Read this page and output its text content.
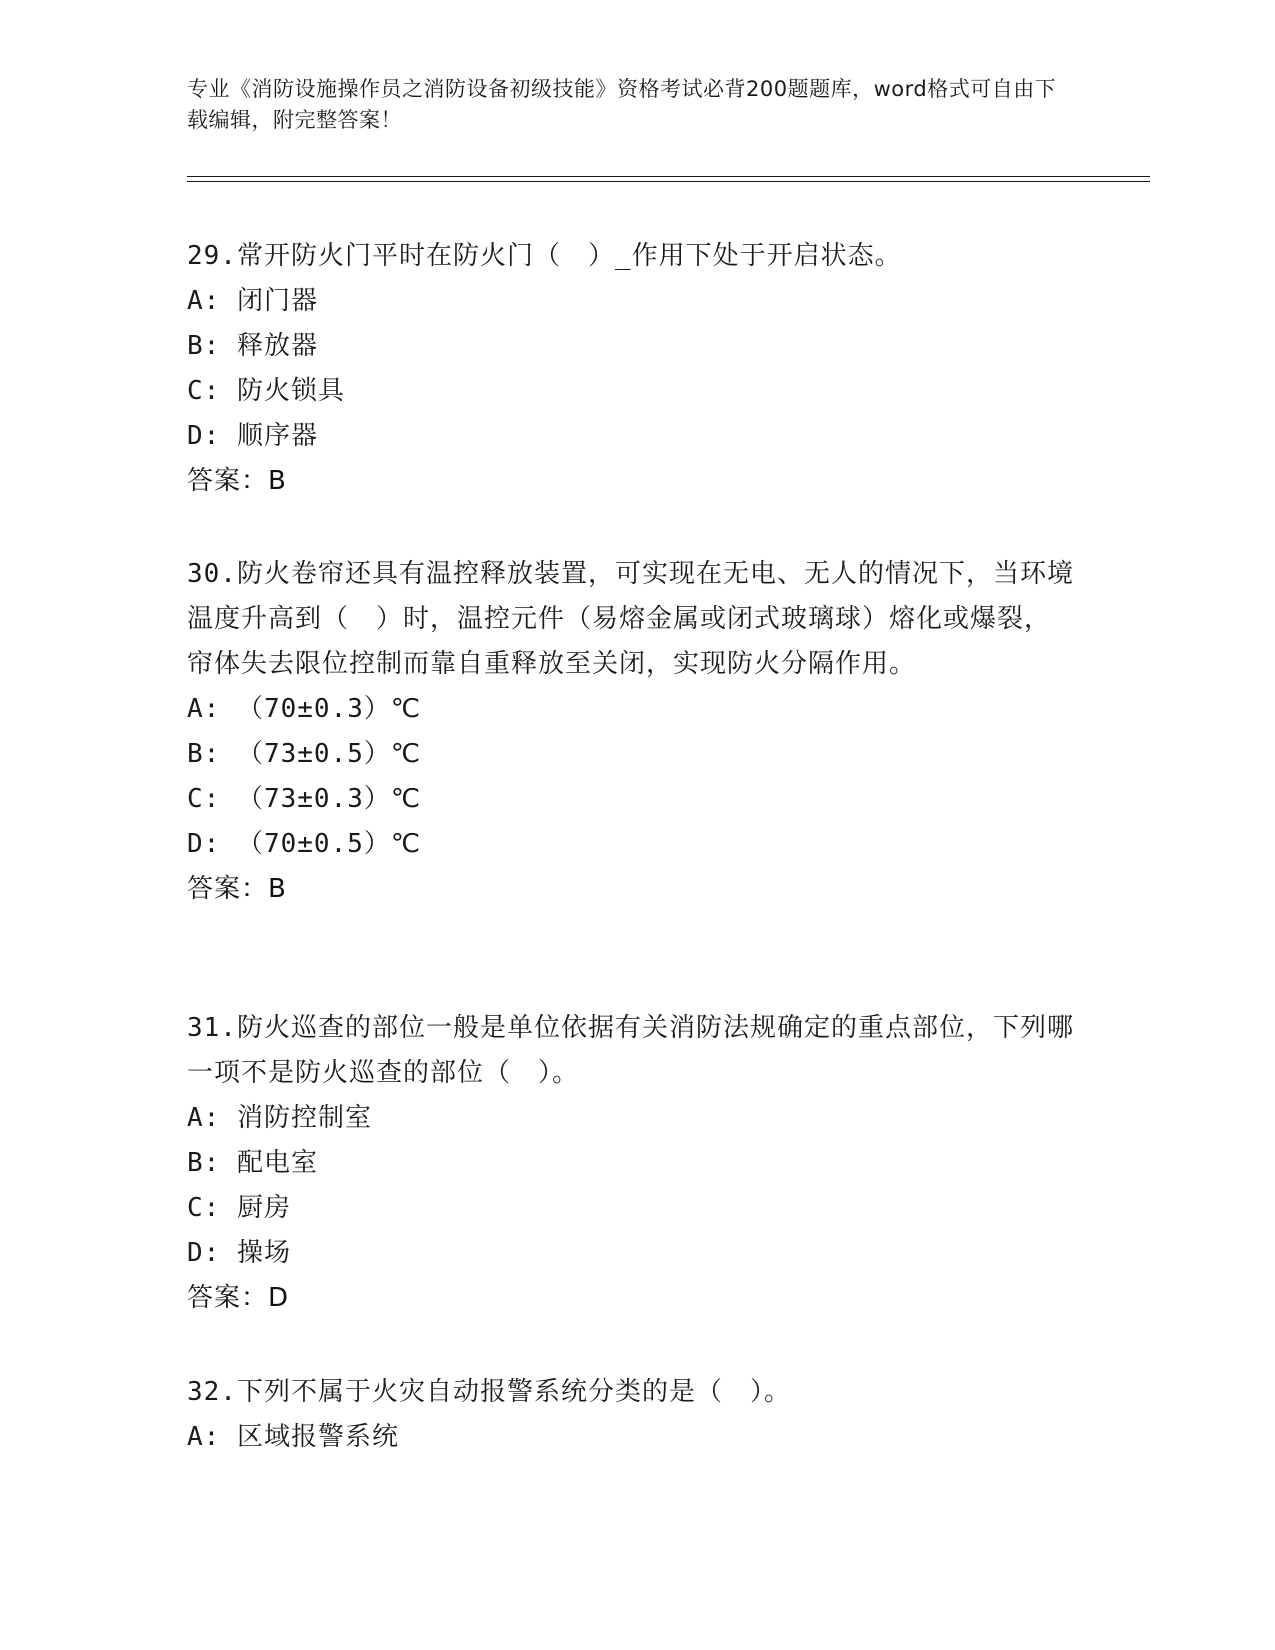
专业《消防设施操作员之消防设备初级技能》资格考试必背200题题库，word格式可自由下载编辑，附完整答案！

29.常开防火门平时在防火门（　）_作用下处于开启状态。

A: 闭门器

B: 释放器

C: 防火锁具

D: 顺序器

答案：B

30.防火卷帘还具有温控释放装置，可实现在无电、无人的情况下，当环境温度升高到（　）时，温控元件（易熔金属或闭式玻璃球）熔化或爆裂，帘体失去限位控制而靠自重释放至关闭，实现防火分隔作用。

A: （70±0.3）℃

B: （73±0.5）℃

C: （73±0.3）℃

D: （70±0.5）℃

答案：B

31.防火巡查的部位一般是单位依据有关消防法规确定的重点部位，下列哪一项不是防火巡查的部位（　）。

A: 消防控制室

B: 配电室

C: 厨房

D: 操场

答案：D

32.下列不属于火灾自动报警系统分类的是（　）。

A: 区域报警系统
